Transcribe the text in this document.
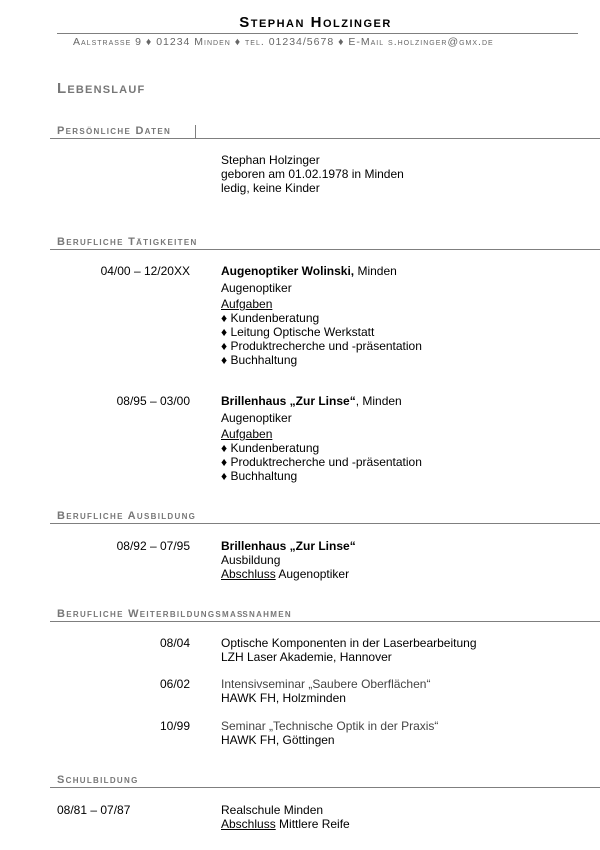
Stephan Holzinger
Aalstrasse 9 ♦ 01234 Minden ♦ tel. 01234/5678 ♦ E-Mail s.holzinger@gmx.de
Lebenslauf
Persönliche Daten
Stephan Holzinger
geboren am 01.02.1978 in Minden
ledig, keine Kinder
Berufliche Tätigkeiten
04/00 – 12/20XX	Augenoptiker Wolinski, Minden
Augenoptiker
Aufgaben
♦ Kundenberatung
♦ Leitung Optische Werkstatt
♦ Produktrecherche und -präsentation
♦ Buchhaltung
08/95 – 03/00	Brillenhaus „Zur Linse“, Minden
Augenoptiker
Aufgaben
♦ Kundenberatung
♦ Produktrecherche und -präsentation
♦ Buchhaltung
Berufliche Ausbildung
08/92 – 07/95	Brillenhaus „Zur Linse“
Ausbildung
Abschluss Augenoptiker
Berufliche Weiterbildungsmaßnahmen
08/04	Optische Komponenten in der Laserbearbeitung
LZH Laser Akademie, Hannover
06/02	Intensivseminar „Saubere Oberflächen“
HAWK FH, Holzminden
10/99	Seminar „Technische Optik in der Praxis“
HAWK FH, Göttingen
Schulbildung
08/81 – 07/87	Realschule Minden
Abschluss Mittlere Reife
